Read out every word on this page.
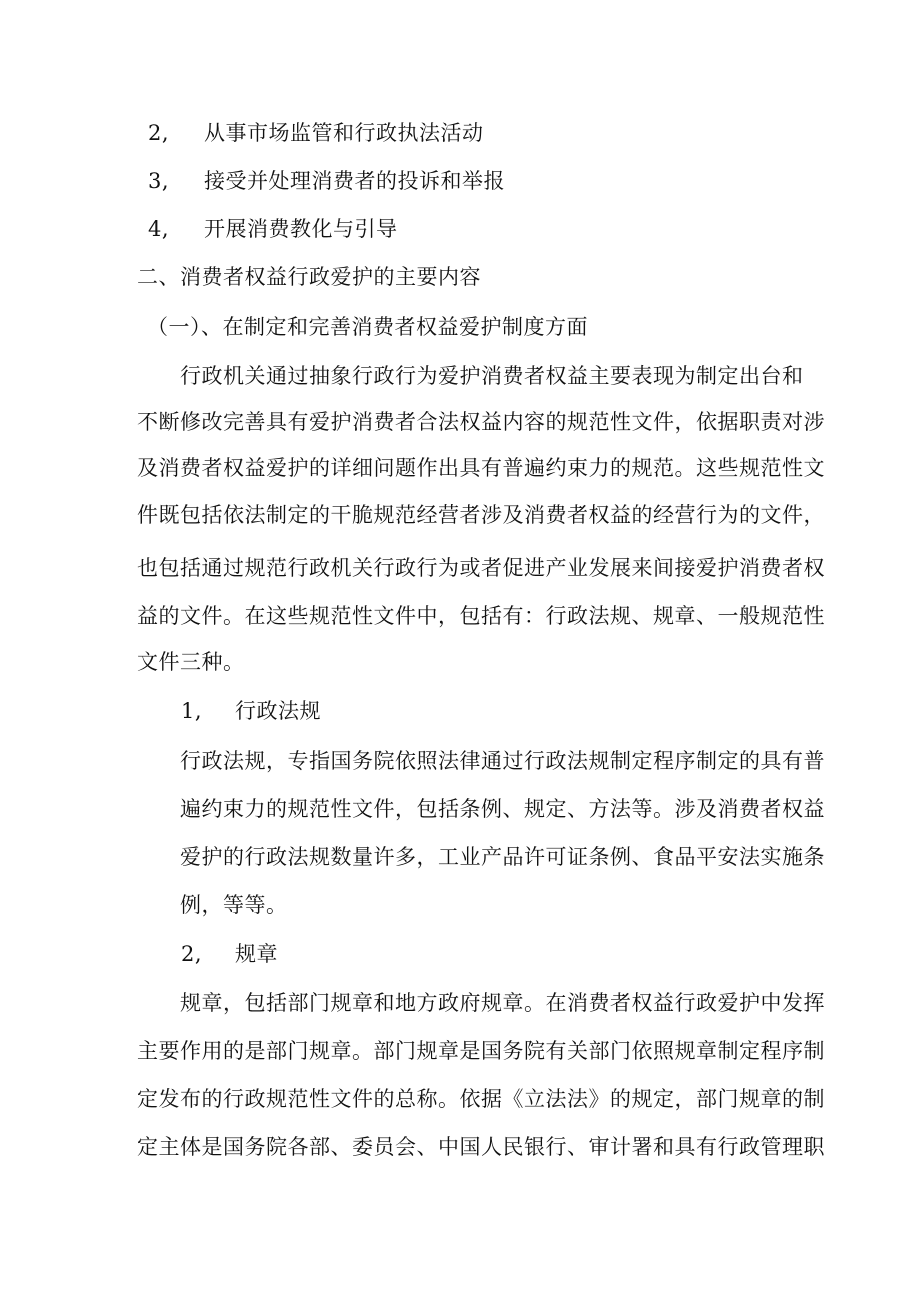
2, 从事市场监管和行政执法活动
3, 接受并处理消费者的投诉和举报
4, 开展消费教化与引导
二、消费者权益行政爱护的主要内容
（一）、在制定和完善消费者权益爱护制度方面
行政机关通过抽象行政行为爱护消费者权益主要表现为制定出台和
不断修改完善具有爱护消费者合法权益内容的规范性文件，依据职责对涉
及消费者权益爱护的详细问题作出具有普遍约束力的规范。这些规范性文
件既包括依法制定的干脆规范经营者涉及消费者权益的经营行为的文件，
也包括通过规范行政机关行政行为或者促进产业发展来间接爱护消费者权
益的文件。在这些规范性文件中，包括有：行政法规、规章、一般规范性
文件三种。
1, 行政法规
行政法规，专指国务院依照法律通过行政法规制定程序制定的具有普
遍约束力的规范性文件，包括条例、规定、方法等。涉及消费者权益
爱护的行政法规数量许多，工业产品许可证条例、食品平安法实施条
例，等等。
2, 规章
规章，包括部门规章和地方政府规章。在消费者权益行政爱护中发挥
主要作用的是部门规章。部门规章是国务院有关部门依照规章制定程序制
定发布的行政规范性文件的总称。依据《立法法》的规定，部门规章的制
定主体是国务院各部、委员会、中国人民银行、审计署和具有行政管理职
